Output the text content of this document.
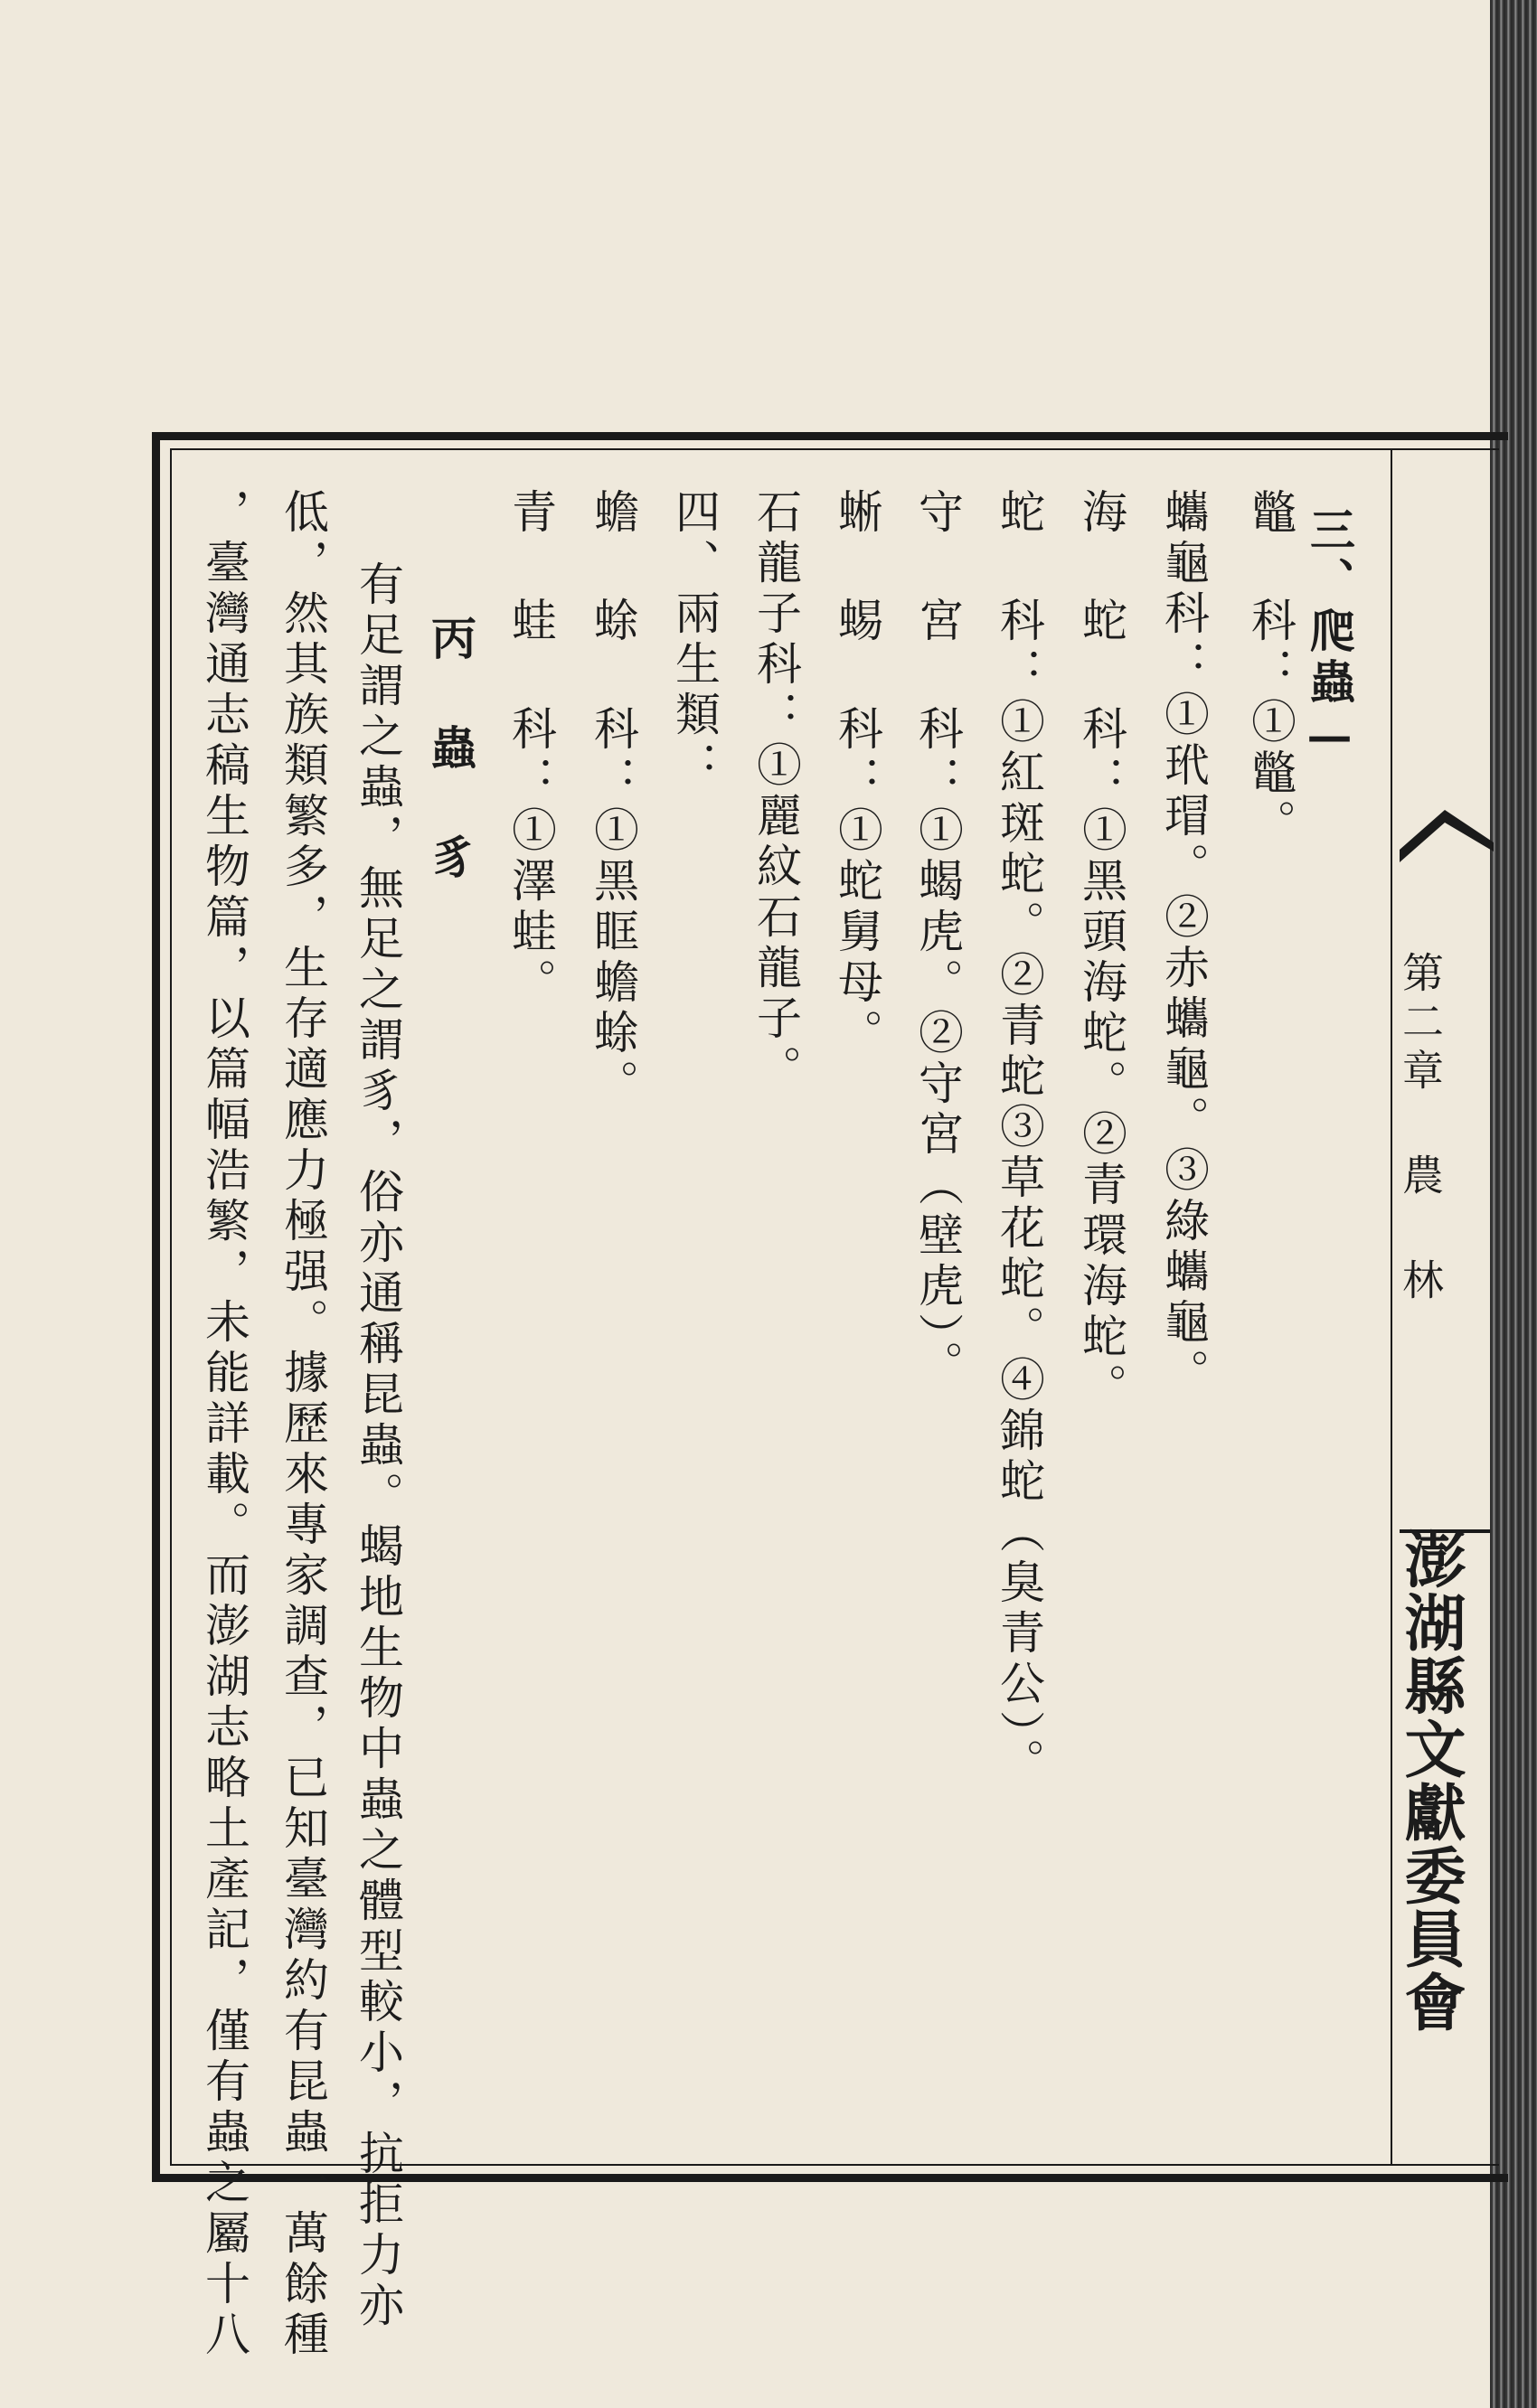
第二章 農 林
澎湖縣文獻委員會
三、爬蟲—
鼈 科：①鼈。
蠵龜科：①玳瑁。②赤蠵龜。③綠蠵龜。
海 蛇 科：①黑頭海蛇。②青環海蛇。
蛇 科：①紅斑蛇。②青蛇③草花蛇。④錦蛇（臭青公）。
守 宮 科：①蝎虎。②守宮（壁虎）。
蜥 蜴 科：①蛇舅母。
石龍子科：①麗紋石龍子。
四、兩生類：
蟾 蜍 科：①黑眶蟾蜍。
青 蛙 科：①澤蛙。
丙 蟲 豸
有足謂之蟲，無足之謂豸，俗亦通稱昆蟲。蝎地生物中蟲之體型較小，抗拒力亦
低，然其族類繁多，生存適應力極强。據歷來專家調查，已知臺灣約有昆蟲一萬餘種
，臺灣通志稿生物篇，以篇幅浩繁，未能詳載。而澎湖志略土產記，僅有蟲之屬十八
